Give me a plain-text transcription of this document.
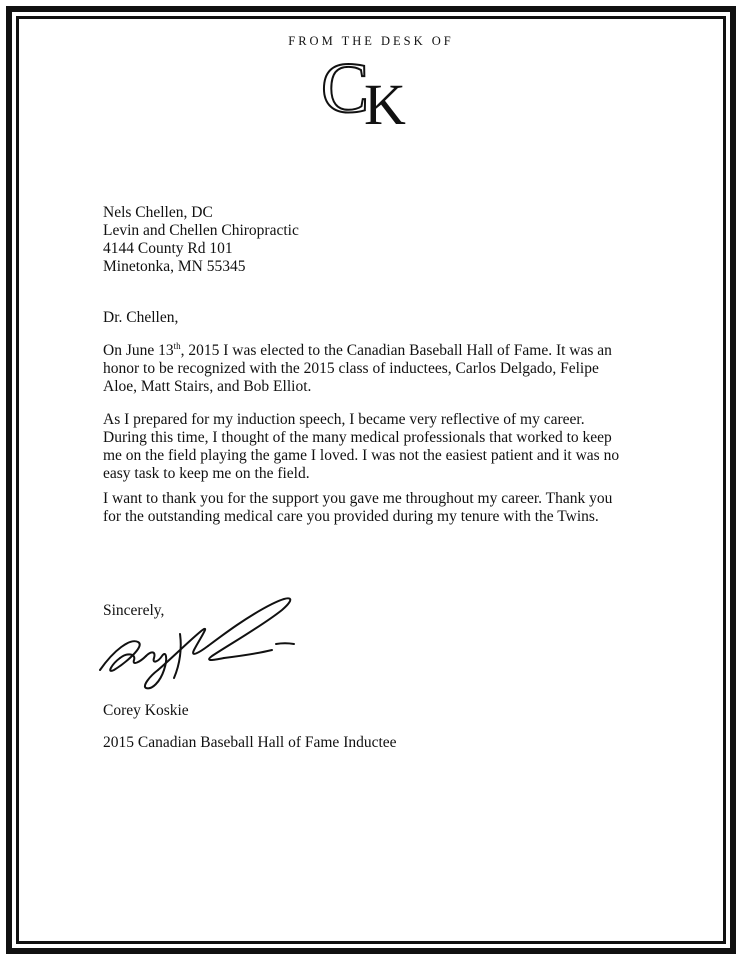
FROM THE DESK OF
C
K
Nels Chellen, DC
Levin and Chellen Chiropractic
4144 County Rd 101
Minetonka, MN 55345
Dr. Chellen,
On June 13th, 2015 I was elected to the Canadian Baseball Hall of Fame. It was an honor to be recognized with the 2015 class of inductees, Carlos Delgado, Felipe Aloe, Matt Stairs, and Bob Elliot.
As I prepared for my induction speech, I became very reflective of my career. During this time, I thought of the many medical professionals that worked to keep me on the field playing the game I loved. I was not the easiest patient and it was no easy task to keep me on the field.
I want to thank you for the support you gave me throughout my career. Thank you for the outstanding medical care you provided during my tenure with the Twins.
Sincerely,
Corey Koskie
2015 Canadian Baseball Hall of Fame Inductee
